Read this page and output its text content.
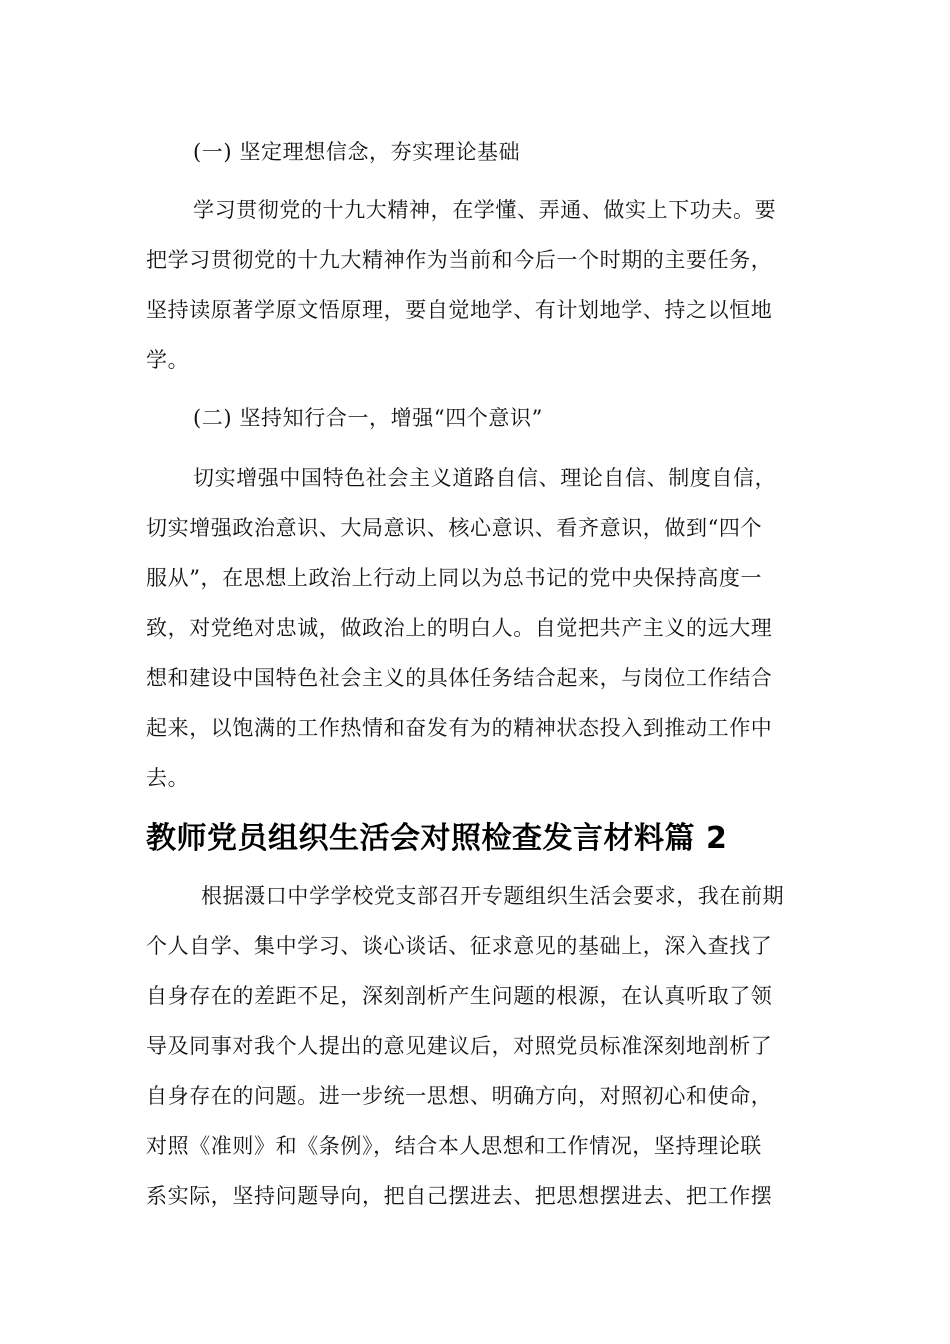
(一) 坚定理想信念，夯实理论基础
学习贯彻党的十九大精神，在学懂、弄通、做实上下功夫。要
把学习贯彻党的十九大精神作为当前和今后一个时期的主要任务，
坚持读原著学原文悟原理，要自觉地学、有计划地学、持之以恒地
学。
(二) 坚持知行合一，增强“四个意识”
切实增强中国特色社会主义道路自信、理论自信、制度自信，
切实增强政治意识、大局意识、核心意识、看齐意识，做到“四个
服从”，在思想上政治上行动上同以为总书记的党中央保持高度一
致，对党绝对忠诚，做政治上的明白人。自觉把共产主义的远大理
想和建设中国特色社会主义的具体任务结合起来，与岗位工作结合
起来，以饱满的工作热情和奋发有为的精神状态投入到推动工作中
去。
教师党员组织生活会对照检查发言材料篇 2
根据滠口中学学校党支部召开专题组织生活会要求，我在前期
个人自学、集中学习、谈心谈话、征求意见的基础上，深入查找了
自身存在的差距不足，深刻剖析产生问题的根源，在认真听取了领
导及同事对我个人提出的意见建议后，对照党员标准深刻地剖析了
自身存在的问题。进一步统一思想、明确方向，对照初心和使命，
对照《准则》和《条例》，结合本人思想和工作情况，坚持理论联
系实际，坚持问题导向，把自己摆进去、把思想摆进去、把工作摆
